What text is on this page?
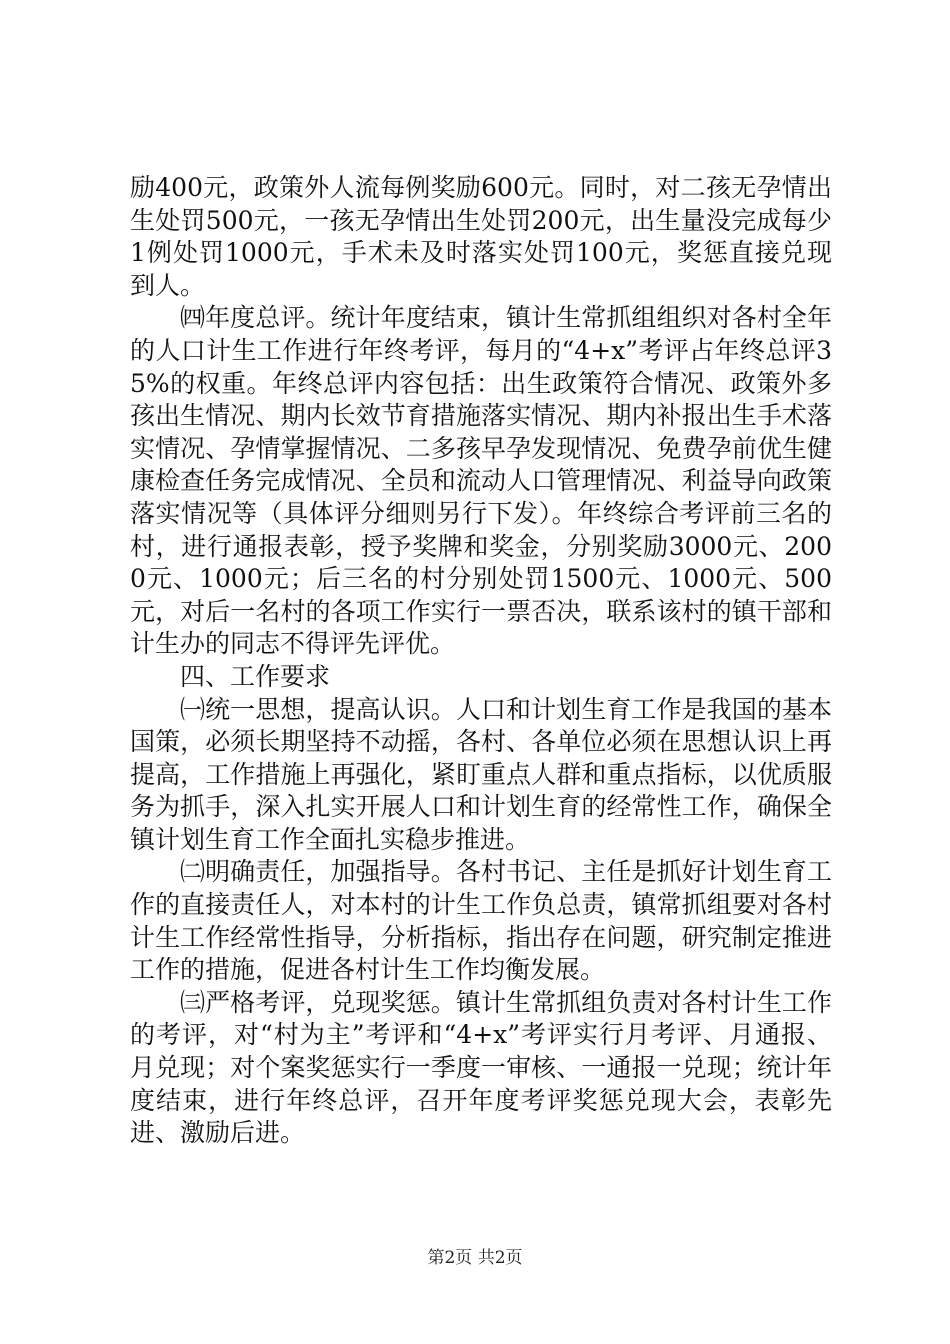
励400元，政策外人流每例奖励600元。同时，对二孩无孕情出生处罚500元，一孩无孕情出生处罚200元，出生量没完成每少1例处罚1000元，手术未及时落实处罚100元，奖惩直接兑现到人。

㈣年度总评。统计年度结束，镇计生常抓组组织对各村全年的人口计生工作进行年终考评，每月的“4+x”考评占年终总评35%的权重。年终总评内容包括：出生政策符合情况、政策外多孩出生情况、期内长效节育措施落实情况、期内补报出生手术落实情况、孕情掌握情况、二多孩早孕发现情况、免费孕前优生健康检查任务完成情况、全员和流动人口管理情况、利益导向政策落实情况等（具体评分细则另行下发）。年终综合考评前三名的村，进行通报表彰，授予奖牌和奖金，分别奖励3000元、2000元、1000元；后三名的村分别处罚1500元、1000元、500元，对后一名村的各项工作实行一票否决，联系该村的镇干部和计生办的同志不得评先评优。

四、工作要求

㈠统一思想，提高认识。人口和计划生育工作是我国的基本国策，必须长期坚持不动摇，各村、各单位必须在思想认识上再提高，工作措施上再强化，紧盯重点人群和重点指标，以优质服务为抓手，深入扎实开展人口和计划生育的经常性工作，确保全镇计划生育工作全面扎实稳步推进。

㈡明确责任，加强指导。各村书记、主任是抓好计划生育工作的直接责任人，对本村的计生工作负总责，镇常抓组要对各村计生工作经常性指导，分析指标，指出存在问题，研究制定推进工作的措施，促进各村计生工作均衡发展。

㈢严格考评，兑现奖惩。镇计生常抓组负责对各村计生工作的考评，对“村为主”考评和“4+x”考评实行月考评、月通报、月兑现；对个案奖惩实行一季度一审核、一通报一兑现；统计年度结束，进行年终总评，召开年度考评奖惩兑现大会，表彰先进、激励后进。

第2页 共2页
